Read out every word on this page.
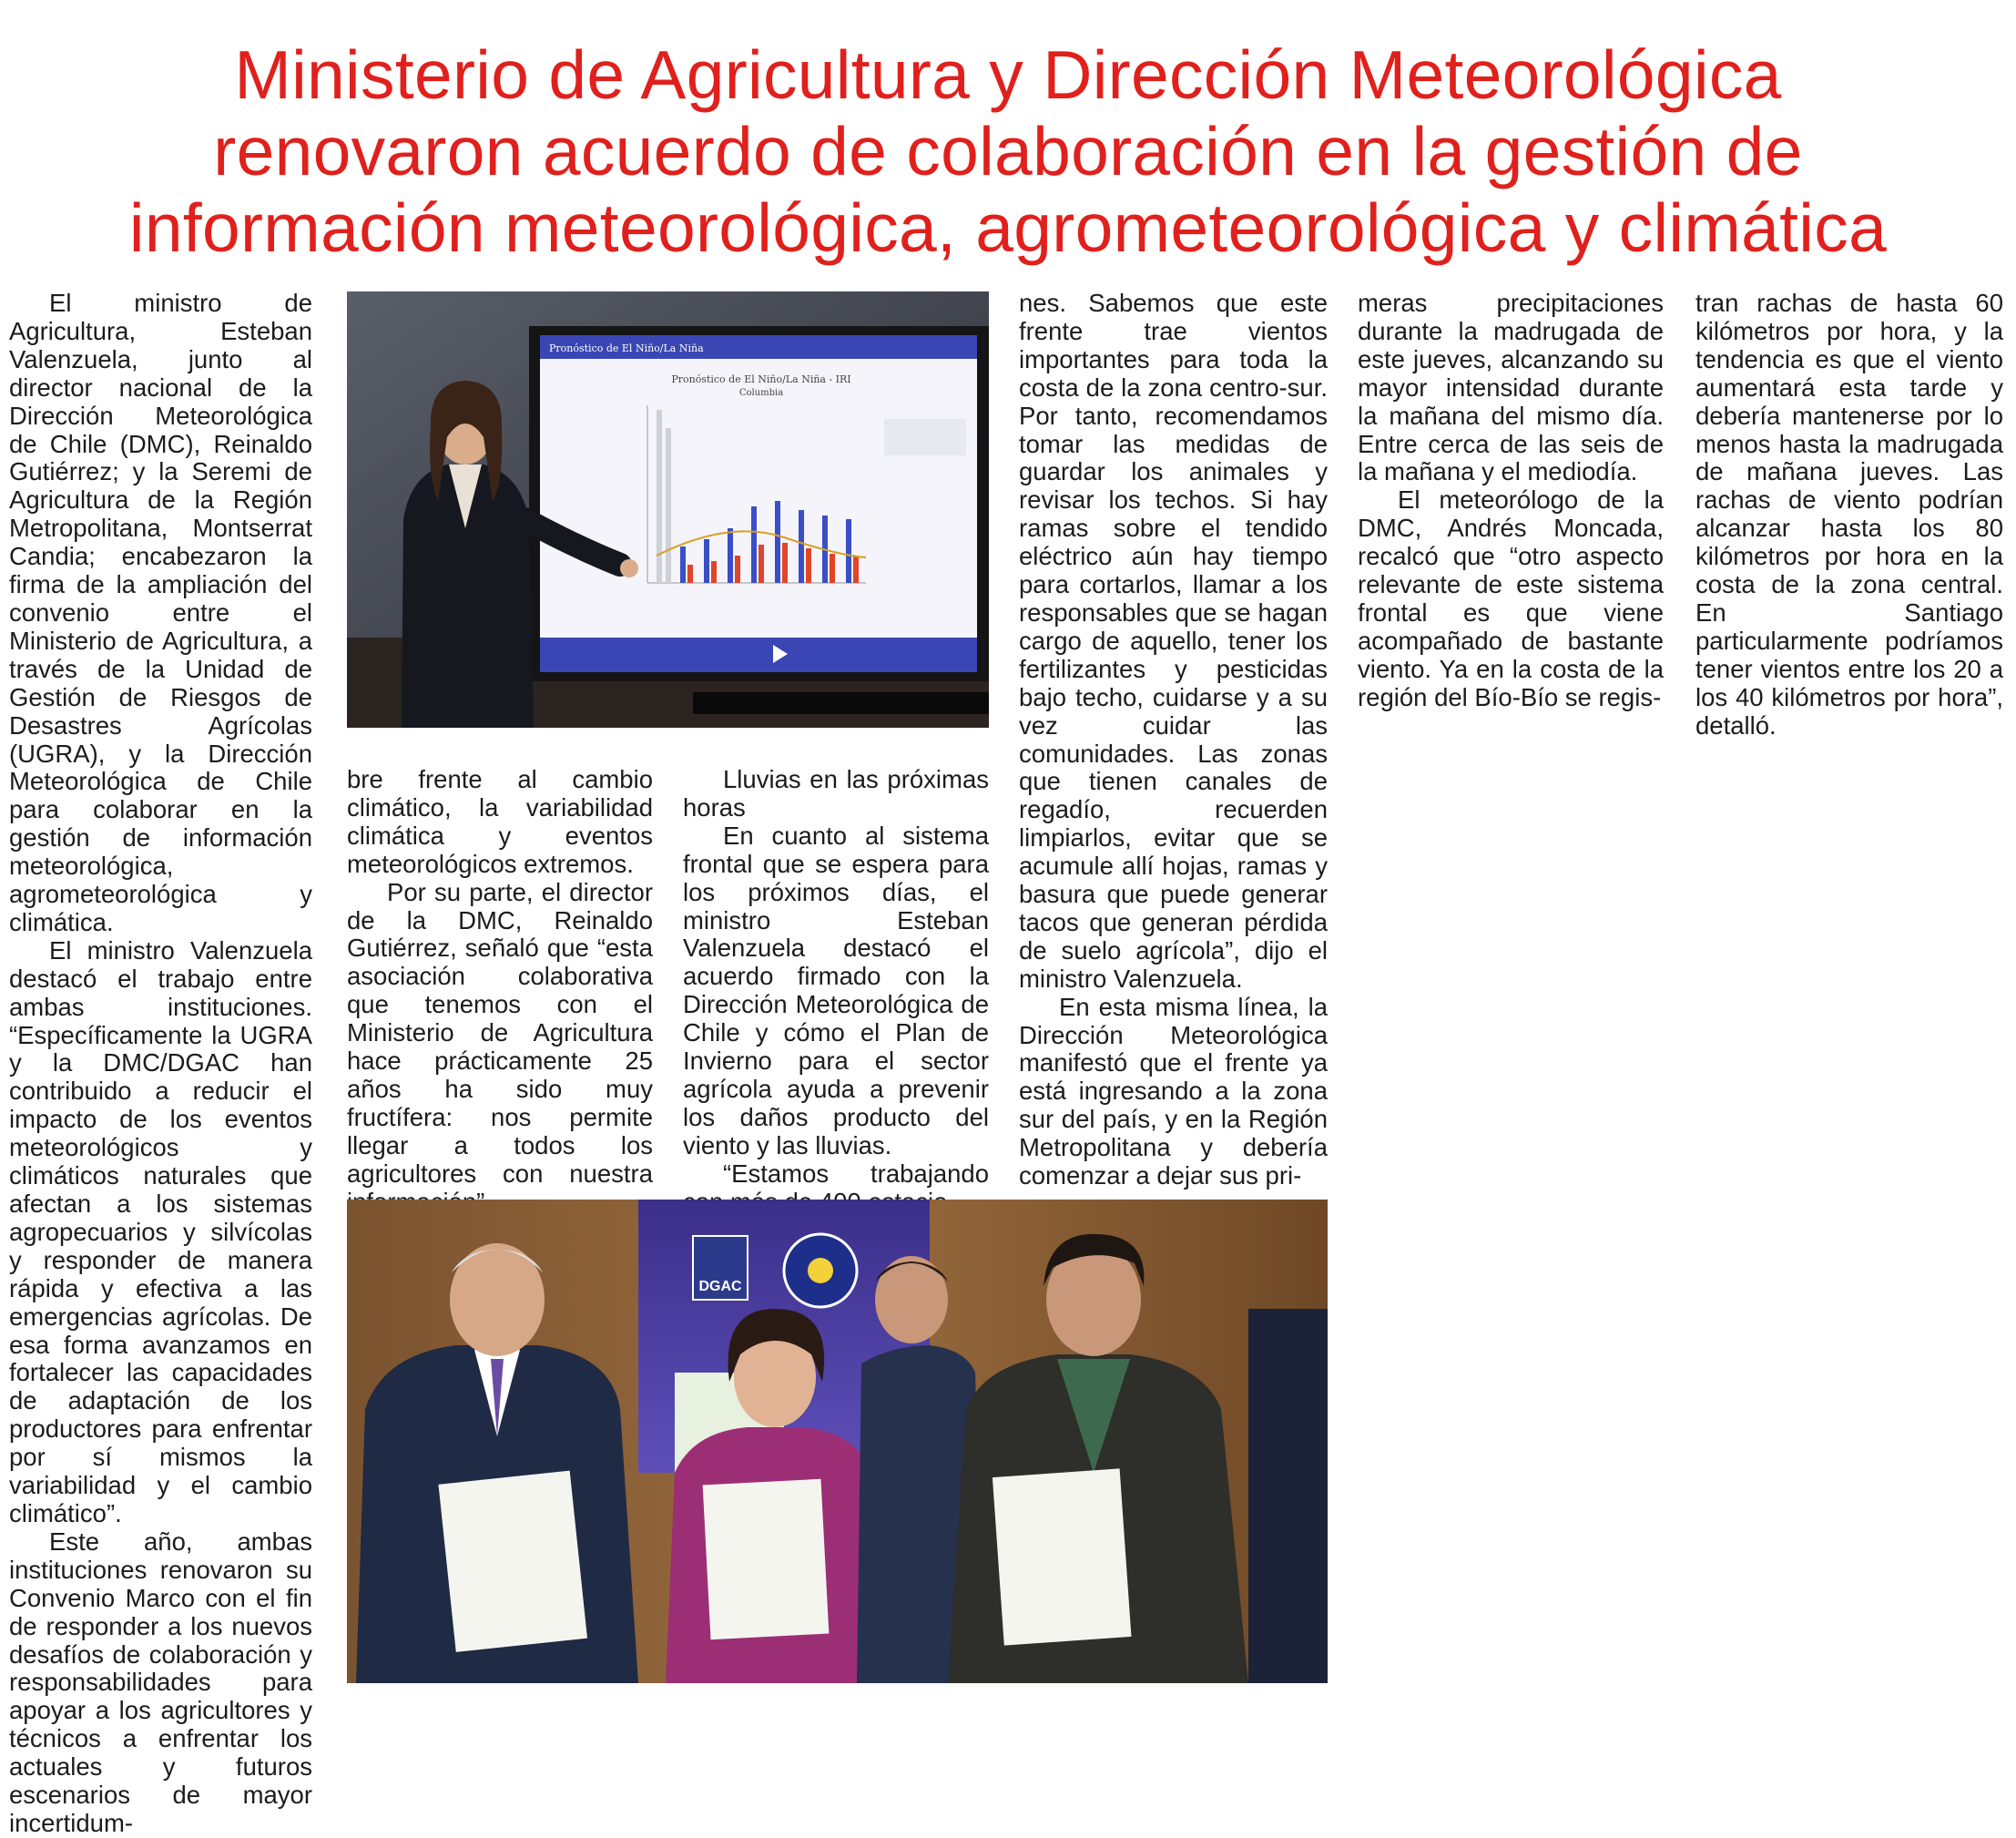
Ministerio de Agricultura y Dirección Meteorológica
renovaron acuerdo de colaboración en la gestión de
información meteorológica, agrometeorológica y climática

El ministro de Agricultura, Esteban Valenzuela, junto al director nacional de la Dirección Meteorológica de Chile (DMC), Reinaldo Gutiérrez; y la Seremi de Agricultura de la Región Metropolitana, Montserrat Candia; encabezaron la firma de la ampliación del convenio entre el Ministerio de Agricultura, a través de la Unidad de Gestión de Riesgos de Desastres Agrícolas (UGRA), y la Dirección Meteorológica de Chile para colaborar en la gestión de información meteorológica, agrometeorológica y climática.

El ministro Valenzuela destacó el trabajo entre ambas instituciones. “Específicamente la UGRA y la DMC/DGAC han contribuido a reducir el impacto de los eventos meteorológicos y climáticos naturales que afectan a los sistemas agropecuarios y silvícolas y responder de manera rápida y efectiva a las emergencias agrícolas. De esa forma avanzamos en fortalecer las capacidades de adaptación de los productores para enfrentar por sí mismos la variabilidad y el cambio climático”.

Este año, ambas instituciones renovaron su Convenio Marco con el fin de responder a los nuevos desafíos de colaboración y responsabilidades para apoyar a los agricultores y técnicos a enfrentar los actuales y futuros escenarios de mayor incertidum-

Pronóstico de El Niño/La Niña
Pronóstico de El Niño/La Niña - IRI
Columbia

bre frente al cambio climático, la variabilidad climática y eventos meteorológicos extremos.

Por su parte, el director de la DMC, Reinaldo Gutiérrez, señaló que “esta asociación colaborativa que tenemos con el Ministerio de Agricultura hace prácticamente 25 años ha sido muy fructífera: nos permite llegar a todos los agricultores con nuestra

Lluvias en las próximas horas

En cuanto al sistema frontal que se espera para los próximos días, el ministro Esteban Valenzuela destacó el acuerdo firmado con la Dirección Meteorológica de Chile y cómo el Plan de Invierno para el sector agrícola ayuda a prevenir los daños producto del viento y las lluvias.

“Estamos trabajando

nes. Sabemos que este frente trae vientos importantes para toda la costa de la zona centro-sur. Por tanto, recomendamos tomar las medidas de guardar los animales y revisar los techos. Si hay ramas sobre el tendido eléctrico aún hay tiempo para cortarlos, llamar a los responsables que se hagan cargo de aquello, tener los fertilizantes y pesticidas bajo techo, cuidarse y a su vez cuidar las comunidades. Las zonas que tienen canales de regadío, recuerden limpiarlos, evitar que se acumule allí hojas, ramas y basura que puede generar tacos que generan pérdida de suelo agrícola”, dijo el ministro Valenzuela.

En esta misma línea, la Dirección Meteorológica manifestó que el frente ya está ingresando a la zona sur del país, y en la Región Metropolitana y debería comenzar a dejar sus pri-

meras precipitaciones durante la madrugada de este jueves, alcanzando su mayor intensidad durante la mañana del mismo día. Entre cerca de las seis de la mañana y el mediodía.

El meteorólogo de la DMC, Andrés Moncada, recalcó que “otro aspecto relevante de este sistema frontal es que viene acompañado de bastante viento. Ya en la costa de la región del Bío-Bío se regis-

tran rachas de hasta 60 kilómetros por hora, y la tendencia es que el viento aumentará esta tarde y debería mantenerse por lo menos hasta la madrugada de mañana jueves. Las rachas de viento podrían alcanzar hasta los 80 kilómetros por hora en la costa de la zona central. En Santiago particularmente podríamos tener vientos entre los 20 a los 40 kilómetros por hora”, detalló.

DGAC
